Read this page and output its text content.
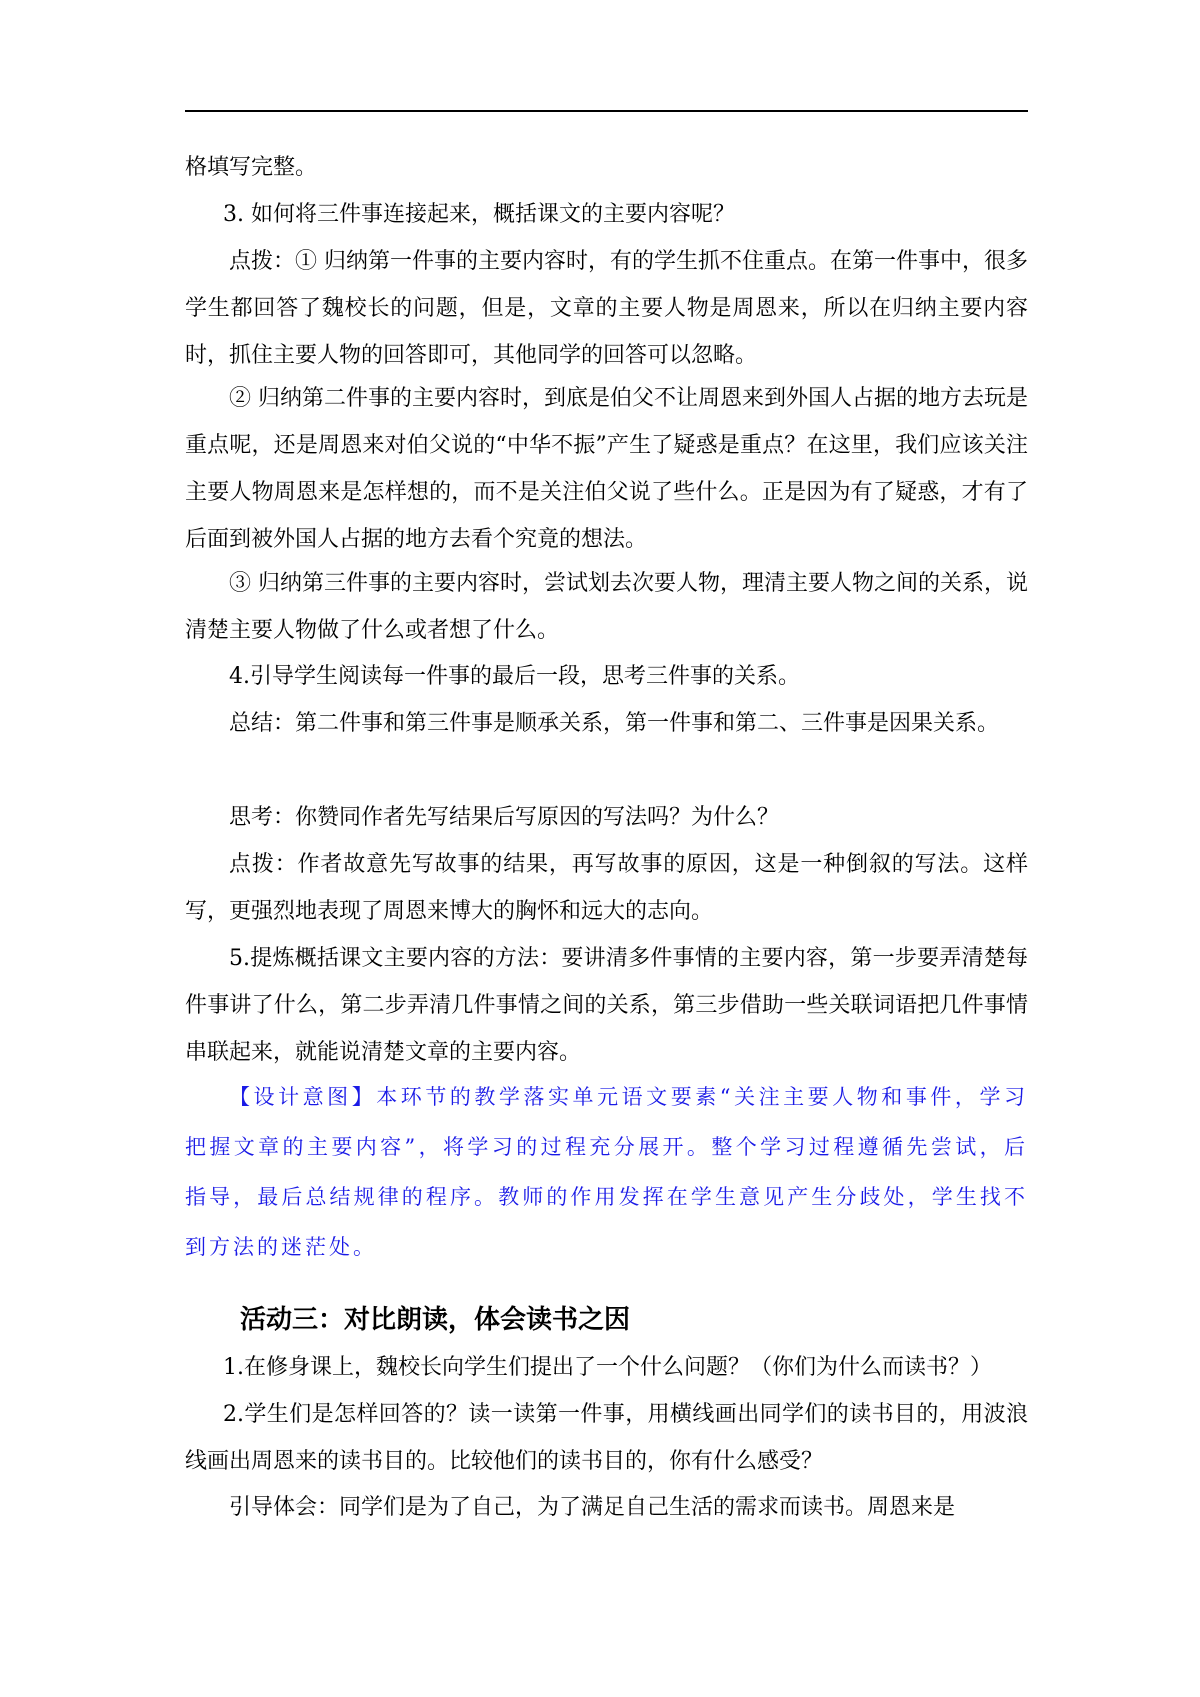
格填写完整。

3. 如何将三件事连接起来，概括课文的主要内容呢？

点拨：① 归纳第一件事的主要内容时，有的学生抓不住重点。在第一件事中，很多学生都回答了魏校长的问题，但是，文章的主要人物是周恩来，所以在归纳主要内容时，抓住主要人物的回答即可，其他同学的回答可以忽略。

② 归纳第二件事的主要内容时，到底是伯父不让周恩来到外国人占据的地方去玩是重点呢，还是周恩来对伯父说的“中华不振”产生了疑惑是重点？在这里，我们应该关注主要人物周恩来是怎样想的，而不是关注伯父说了些什么。正是因为有了疑惑，才有了后面到被外国人占据的地方去看个究竟的想法。

③ 归纳第三件事的主要内容时，尝试划去次要人物，理清主要人物之间的关系，说清楚主要人物做了什么或者想了什么。

4.引导学生阅读每一件事的最后一段，思考三件事的关系。

总结：第二件事和第三件事是顺承关系，第一件事和第二、三件事是因果关系。

思考：你赞同作者先写结果后写原因的写法吗？为什么？

点拨：作者故意先写故事的结果，再写故事的原因，这是一种倒叙的写法。这样写，更强烈地表现了周恩来博大的胸怀和远大的志向。

5.提炼概括课文主要内容的方法：要讲清多件事情的主要内容，第一步要弄清楚每件事讲了什么，第二步弄清几件事情之间的关系，第三步借助一些关联词语把几件事情串联起来，就能说清楚文章的主要内容。

【设计意图】本环节的教学落实单元语文要素“关注主要人物和事件，学习把握文章的主要内容”，将学习的过程充分展开。整个学习过程遵循先尝试，后指导，最后总结规律的程序。教师的作用发挥在学生意见产生分歧处，学生找不到方法的迷茫处。

活动三：对比朗读，体会读书之因

1.在修身课上，魏校长向学生们提出了一个什么问题？（你们为什么而读书？）

2.学生们是怎样回答的？读一读第一件事，用横线画出同学们的读书目的，用波浪线画出周恩来的读书目的。比较他们的读书目的，你有什么感受？

引导体会：同学们是为了自己，为了满足自己生活的需求而读书。周恩来是
